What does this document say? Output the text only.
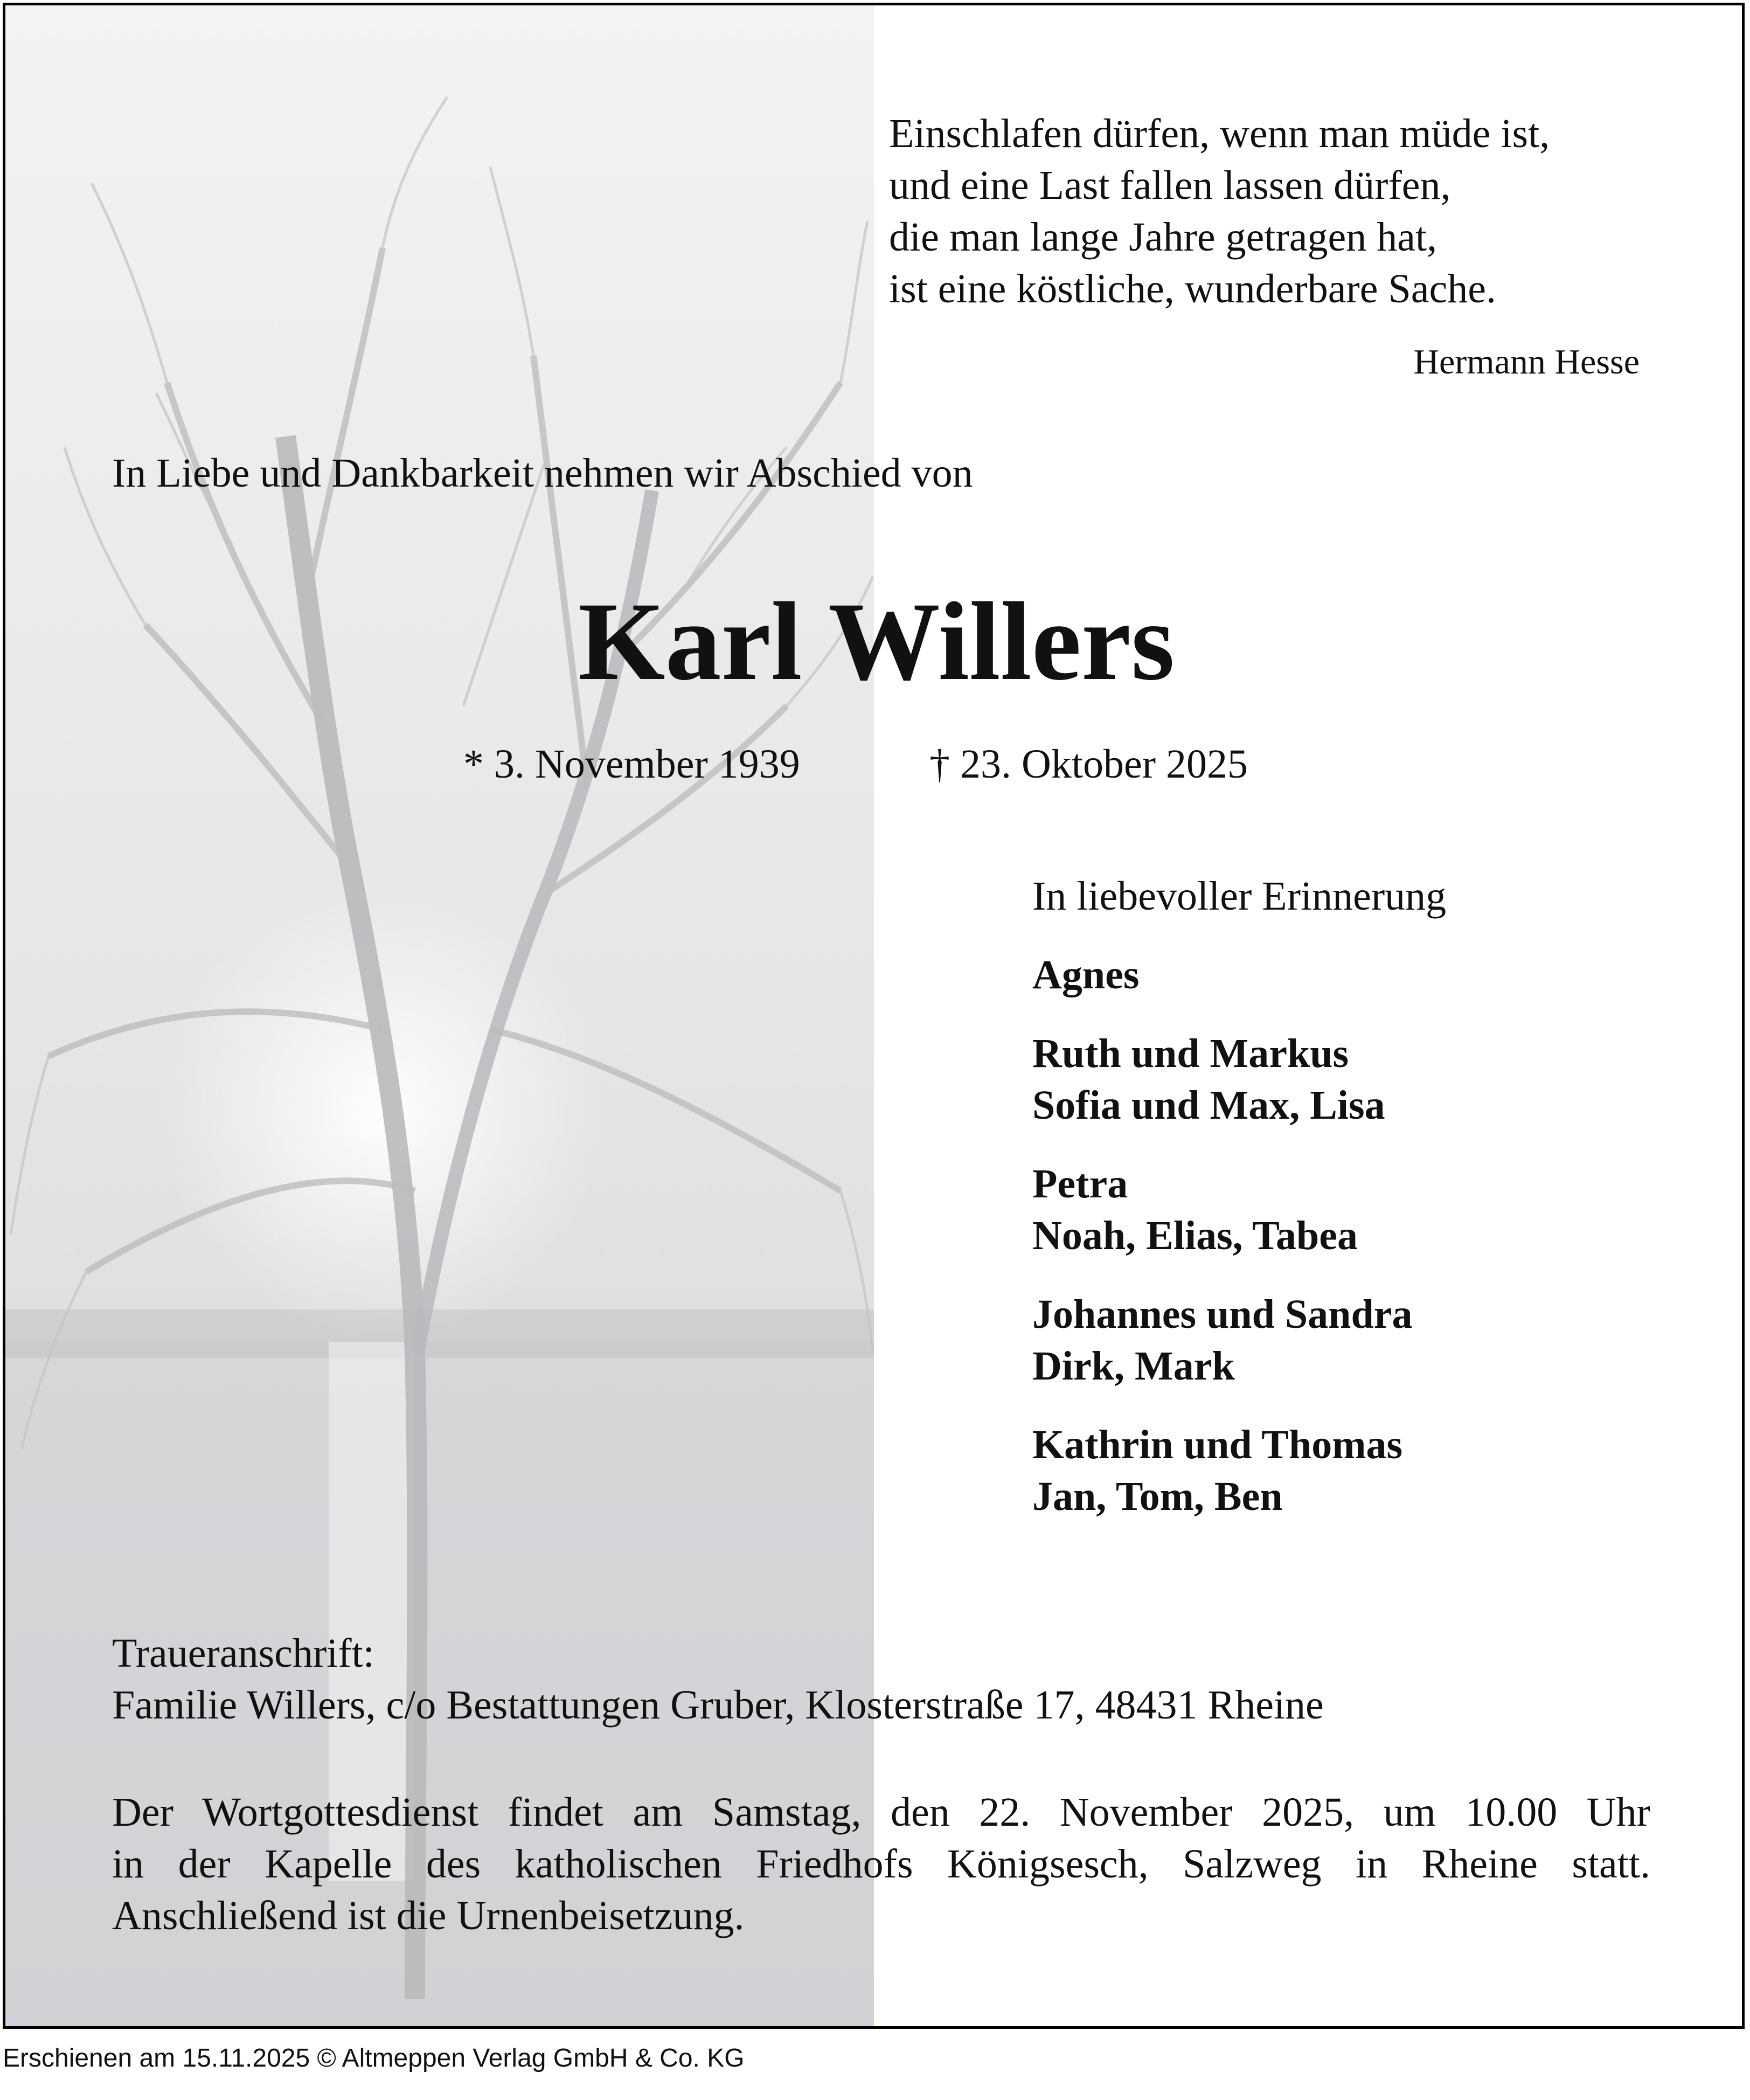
Einschlafen dürfen, wenn man müde ist,
und eine Last fallen lassen dürfen,
die man lange Jahre getragen hat,
ist eine köstliche, wunderbare Sache.
Hermann Hesse
In Liebe und Dankbarkeit nehmen wir Abschied von
Karl Willers
* 3. November 1939	† 23. Oktober 2025
In liebevoller Erinnerung
Agnes
Ruth und Markus
Sofia und Max, Lisa
Petra
Noah, Elias, Tabea
Johannes und Sandra
Dirk, Mark
Kathrin und Thomas
Jan, Tom, Ben
Traueranschrift:
Familie Willers, c/o Bestattungen Gruber, Klosterstraße 17, 48431 Rheine
Der Wortgottesdienst findet am Samstag, den 22. November 2025, um 10.00 Uhr
in der Kapelle des katholischen Friedhofs Königsesch, Salzweg in Rheine statt.
Anschließend ist die Urnenbeisetzung.
Erschienen am 15.11.2025 © Altmeppen Verlag GmbH & Co. KG
